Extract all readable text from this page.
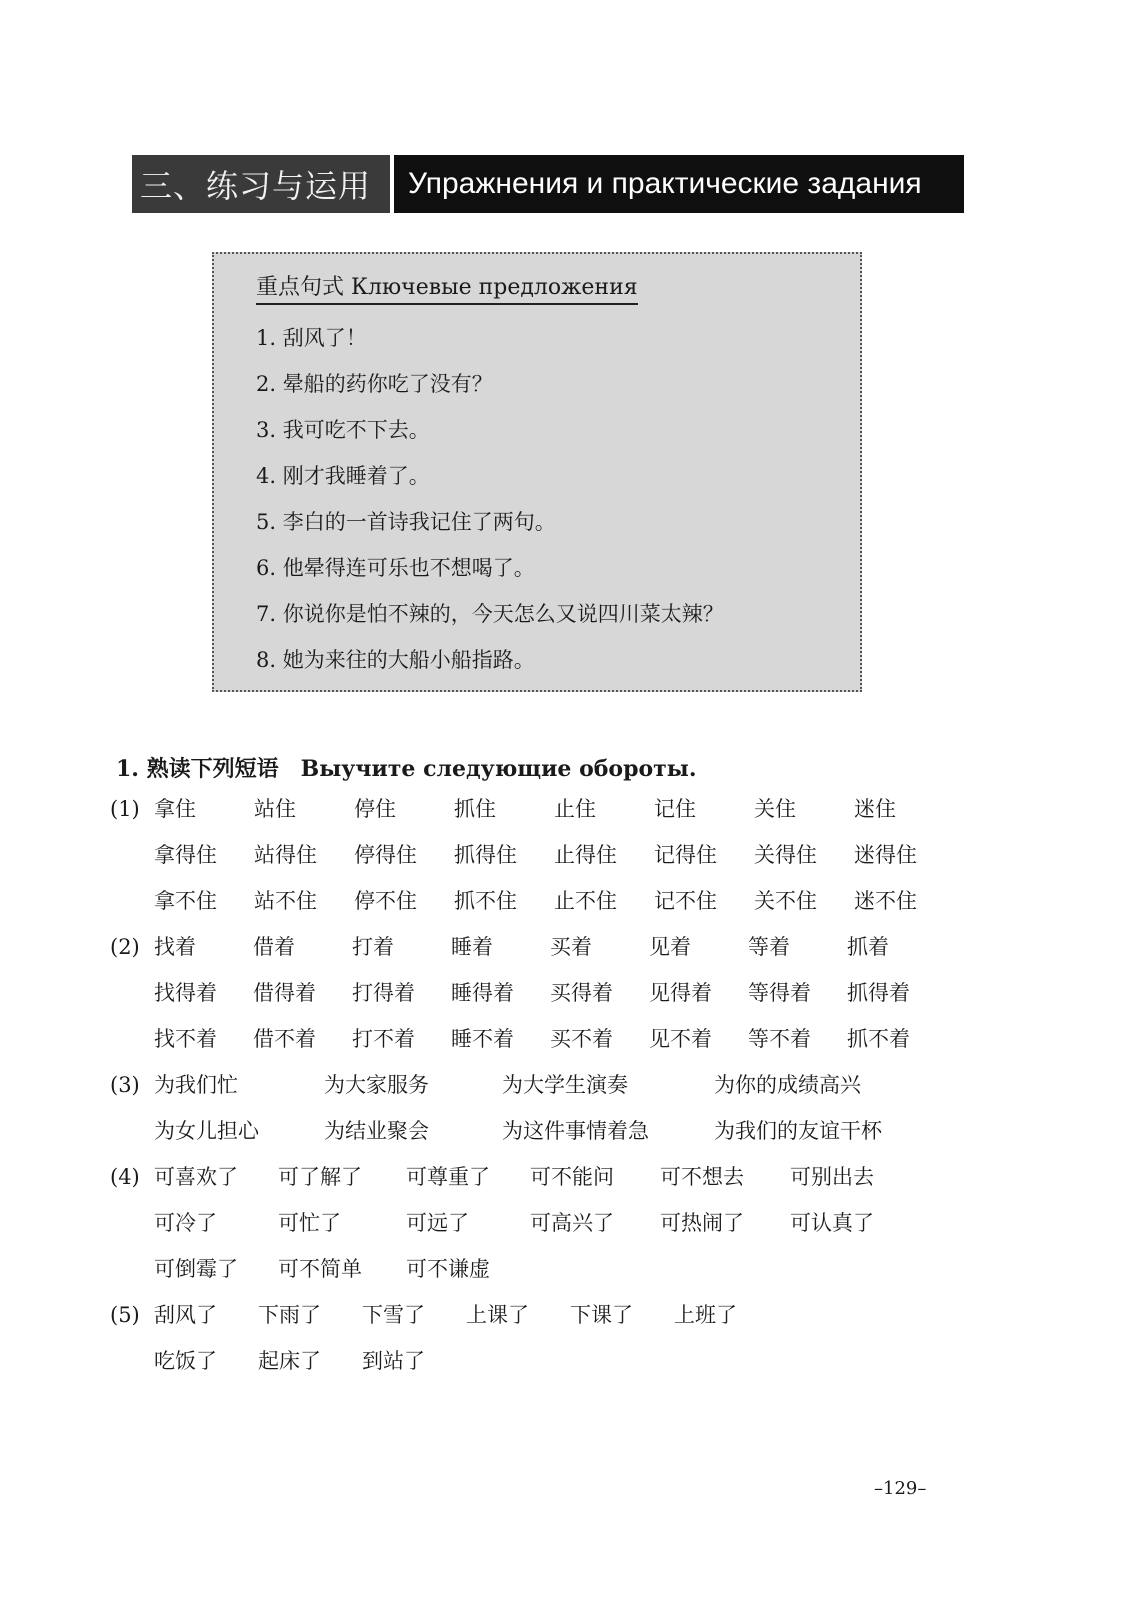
三、练习与运用	Упражнения и практические задания
重点句式 Ключевые предложения
1. 刮风了！
2. 晕船的药你吃了没有？
3. 我可吃不下去。
4. 刚才我睡着了。
5. 李白的一首诗我记住了两句。
6. 他晕得连可乐也不想喝了。
7. 你说你是怕不辣的，今天怎么又说四川菜太辣？
8. 她为来往的大船小船指路。
1. 熟读下列短语 Выучите следующие обороты.
(1) 拿住	站住	停住	抓住	止住	记住	关住	迷住
拿得住 站得住 停得住 抓得住 止得住 记得住 关得住 迷得住
拿不住 站不住 停不住 抓不住 止不住 记不住 关不住 迷不住
(2) 找着	借着	打着	睡着	买着	见着	等着	抓着
找得着 借得着 打得着 睡得着 买得着 见得着 等得着 抓得着
找不着 借不着 打不着 睡不着 买不着 见不着 等不着 抓不着
(3) 为我们忙	为大家服务	为大学生演奏	为你的成绩高兴
为女儿担心	为结业聚会	为这件事情着急	为我们的友谊干杯
(4) 可喜欢了 可了解了 可尊重了 可不能问 可不想去 可别出去
可冷了	可忙了	可远了	可高兴了 可热闹了 可认真了
可倒霉了 可不简单 可不谦虚
(5) 刮风了 下雨了 下雪了 上课了 下课了 上班了
吃饭了 起床了 到站了
–129–
